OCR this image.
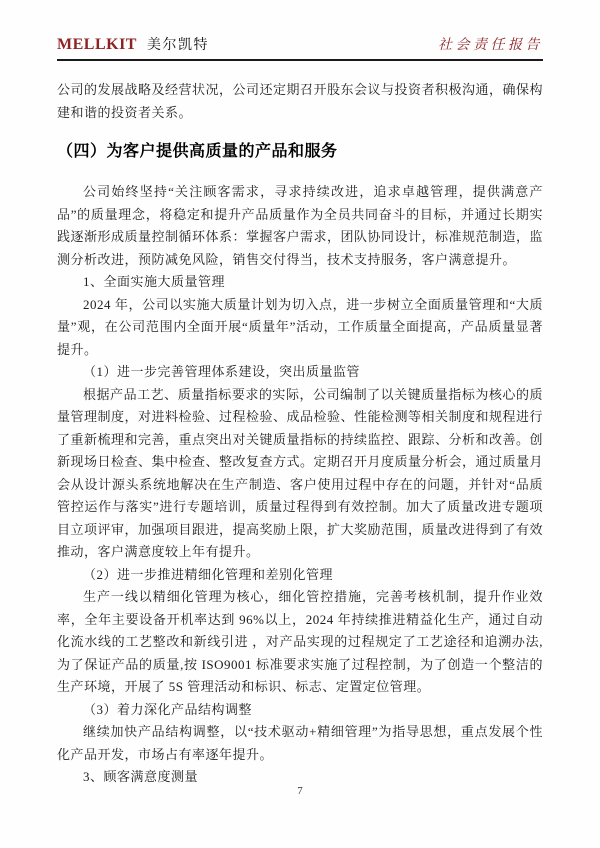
MELLKIT 美尔凯特	社会责任报告

公司的发展战略及经营状况，公司还定期召开股东会议与投资者积极沟通，确保构建和谐的投资者关系。

（四）为客户提供高质量的产品和服务

公司始终坚持“关注顾客需求，寻求持续改进，追求卓越管理，提供满意产品”的质量理念，将稳定和提升产品质量作为全员共同奋斗的目标，并通过长期实践逐渐形成质量控制循环体系：掌握客户需求，团队协同设计，标准规范制造，监测分析改进，预防减免风险，销售交付得当，技术支持服务，客户满意提升。

1、全面实施大质量管理

2024 年，公司以实施大质量计划为切入点，进一步树立全面质量管理和“大质量”观，在公司范围内全面开展“质量年”活动，工作质量全面提高，产品质量显著提升。

（1）进一步完善管理体系建设，突出质量监管

根据产品工艺、质量指标要求的实际，公司编制了以关键质量指标为核心的质量管理制度，对进料检验、过程检验、成品检验、性能检测等相关制度和规程进行了重新梳理和完善，重点突出对关键质量指标的持续监控、跟踪、分析和改善。创新现场日检查、集中检查、整改复查方式。定期召开月度质量分析会，通过质量月会从设计源头系统地解决在生产制造、客户使用过程中存在的问题，并针对“品质管控运作与落实”进行专题培训，质量过程得到有效控制。加大了质量改进专题项目立项评审，加强项目跟进，提高奖励上限，扩大奖励范围，质量改进得到了有效推动，客户满意度较上年有提升。

（2）进一步推进精细化管理和差别化管理

生产一线以精细化管理为核心，细化管控措施，完善考核机制，提升作业效率，全年主要设备开机率达到 96%以上，2024 年持续推进精益化生产，通过自动化流水线的工艺整改和新线引进 ，对产品实现的过程规定了工艺途径和追溯办法,为了保证产品的质量,按 ISO9001 标准要求实施了过程控制，为了创造一个整洁的生产环境，开展了 5S 管理活动和标识、标志、定置定位管理。

（3）着力深化产品结构调整

继续加快产品结构调整，以“技术驱动+精细管理”为指导思想，重点发展个性化产品开发，市场占有率逐年提升。

3、顾客满意度测量

7
